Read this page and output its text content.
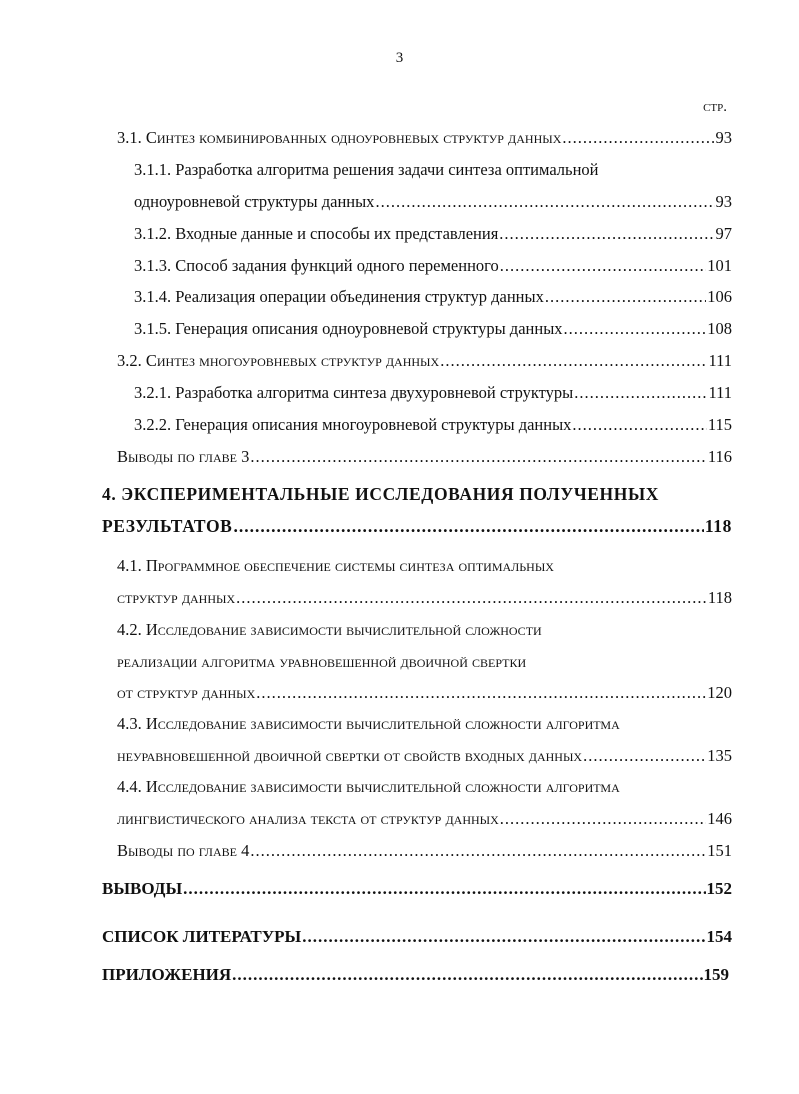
3
стр.
3.1. Синтез комбинированных одноуровневых структур данных .....	93
3.1.1. Разработка алгоритма решения задачи синтеза оптимальной
одноуровневой структуры данных .....	93
3.1.2. Входные данные и способы их представления .....	97
3.1.3. Способ задания функций одного переменного .....	101
3.1.4. Реализация операции объединения структур данных .....	106
3.1.5. Генерация описания одноуровневой структуры данных .....	108
3.2. Синтез многоуровневых структур данных .....	111
3.2.1. Разработка алгоритма синтеза двухуровневой структуры .....	111
3.2.2. Генерация описания многоуровневой структуры данных .....	115
Выводы по главе 3 .....	116
4. ЭКСПЕРИМЕНТАЛЬНЫЕ ИССЛЕДОВАНИЯ ПОЛУЧЕННЫХ
РЕЗУЛЬТАТОВ .....	118
4.1. Программное обеспечение системы синтеза оптимальных
структур данных .....	118
4.2. Исследование зависимости вычислительной сложности
реализации алгоритма уравновешенной двоичной свертки
от структур данных .....	120
4.3. Исследование зависимости вычислительной сложности алгоритма
неуравновешенной двоичной свертки от свойств входных данных .....	135
4.4. Исследование зависимости вычислительной сложности алгоритма
лингвистического анализа текста от структур данных .....	146
Выводы по главе 4 .....	151
ВЫВОДЫ .....	152
СПИСОК ЛИТЕРАТУРЫ .....	154
ПРИЛОЖЕНИЯ .....	159
